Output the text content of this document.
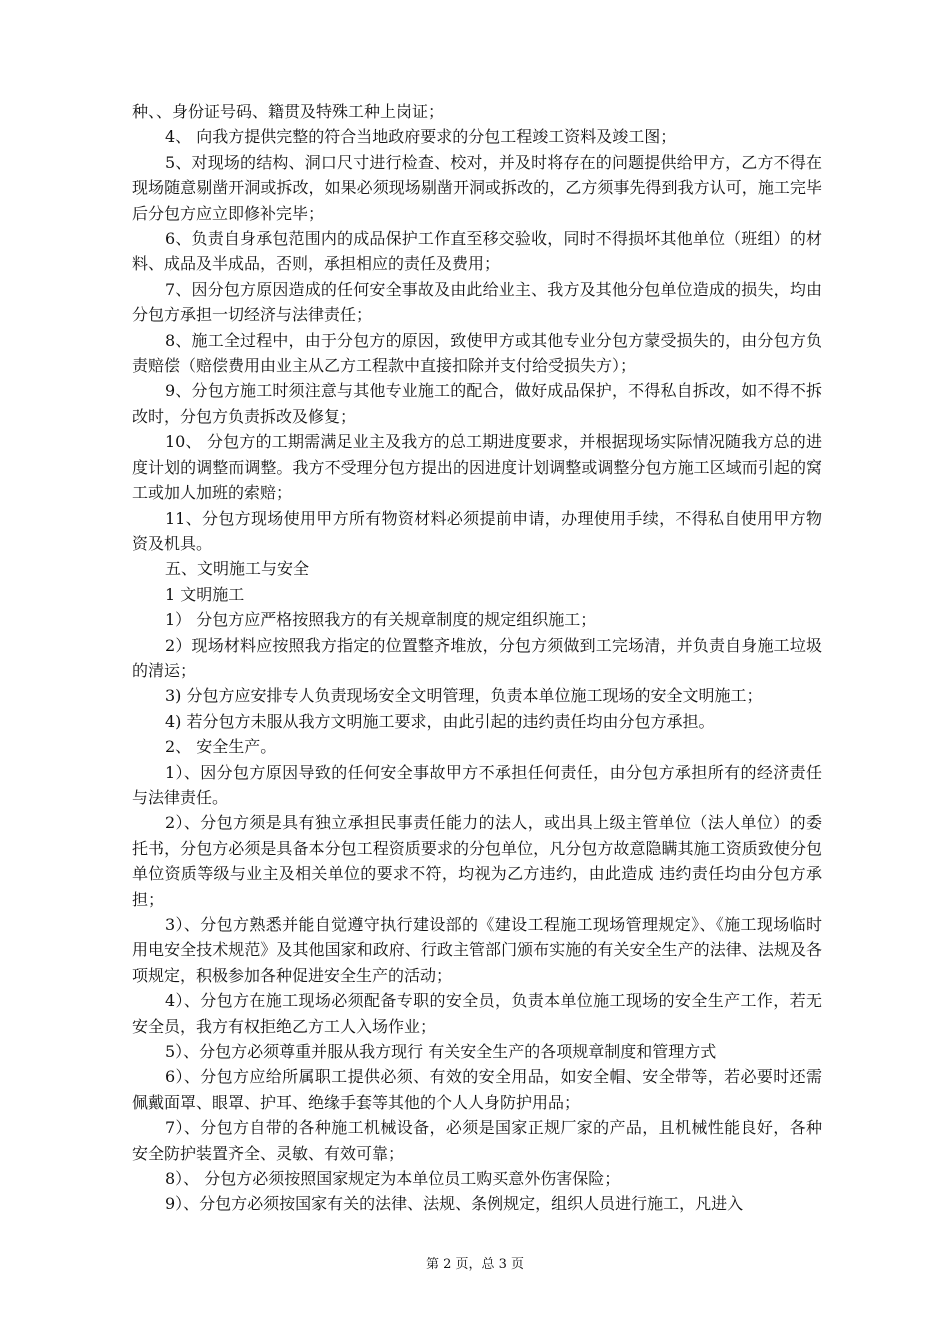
种、、身份证号码、籍贯及特殊工种上岗证；

4、 向我方提供完整的符合当地政府要求的分包工程竣工资料及竣工图；

5、对现场的结构、洞口尺寸进行检查、校对，并及时将存在的问题提供给甲方，乙方不得在现场随意剔凿开洞或拆改，如果必须现场剔凿开洞或拆改的，乙方须事先得到我方认可，施工完毕后分包方应立即修补完毕；

6、负责自身承包范围内的成品保护工作直至移交验收，同时不得损坏其他单位（班组）的材料、成品及半成品，否则，承担相应的责任及费用；

7、因分包方原因造成的任何安全事故及由此给业主、我方及其他分包单位造成的损失，均由分包方承担一切经济与法律责任；

8、施工全过程中，由于分包方的原因，致使甲方或其他专业分包方蒙受损失的，由分包方负责赔偿（赔偿费用由业主从乙方工程款中直接扣除并支付给受损失方）；

9、分包方施工时须注意与其他专业施工的配合，做好成品保护，不得私自拆改，如不得不拆改时，分包方负责拆改及修复；

10、 分包方的工期需满足业主及我方的总工期进度要求，并根据现场实际情况随我方总的进度计划的调整而调整。我方不受理分包方提出的因进度计划调整或调整分包方施工区域而引起的窝工或加人加班的索赔；

11、分包方现场使用甲方所有物资材料必须提前申请，办理使用手续，不得私自使用甲方物资及机具。

五、文明施工与安全

1 文明施工

1） 分包方应严格按照我方的有关规章制度的规定组织施工；

2）现场材料应按照我方指定的位置整齐堆放，分包方须做到工完场清，并负责自身施工垃圾的清运；

3) 分包方应安排专人负责现场安全文明管理，负责本单位施工现场的安全文明施工；

4) 若分包方未服从我方文明施工要求，由此引起的违约责任均由分包方承担。

2、 安全生产。

1）、因分包方原因导致的任何安全事故甲方不承担任何责任，由分包方承担所有的经济责任与法律责任。

2）、分包方须是具有独立承担民事责任能力的法人，或出具上级主管单位（法人单位）的委托书，分包方必须是具备本分包工程资质要求的分包单位，凡分包方故意隐瞒其施工资质致使分包单位资质等级与业主及相关单位的要求不符，均视为乙方违约，由此造成 违约责任均由分包方承担；

3）、分包方熟悉并能自觉遵守执行建设部的《建设工程施工现场管理规定》、《施工现场临时用电安全技术规范》及其他国家和政府、行政主管部门颁布实施的有关安全生产的法律、法规及各项规定，积极参加各种促进安全生产的活动；

4）、分包方在施工现场必须配备专职的安全员，负责本单位施工现场的安全生产工作，若无安全员，我方有权拒绝乙方工人入场作业；

5）、分包方必须尊重并服从我方现行 有关安全生产的各项规章制度和管理方式

6）、分包方应给所属职工提供必须、有效的安全用品，如安全帽、安全带等，若必要时还需佩戴面罩、眼罩、护耳、绝缘手套等其他的个人人身防护用品；

7）、分包方自带的各种施工机械设备，必须是国家正规厂家的产品，且机械性能良好，各种安全防护装置齐全、灵敏、有效可靠；

8）、 分包方必须按照国家规定为本单位员工购买意外伤害保险；

9）、分包方必须按国家有关的法律、法规、条例规定，组织人员进行施工，凡进入

第 2 页，总 3 页
